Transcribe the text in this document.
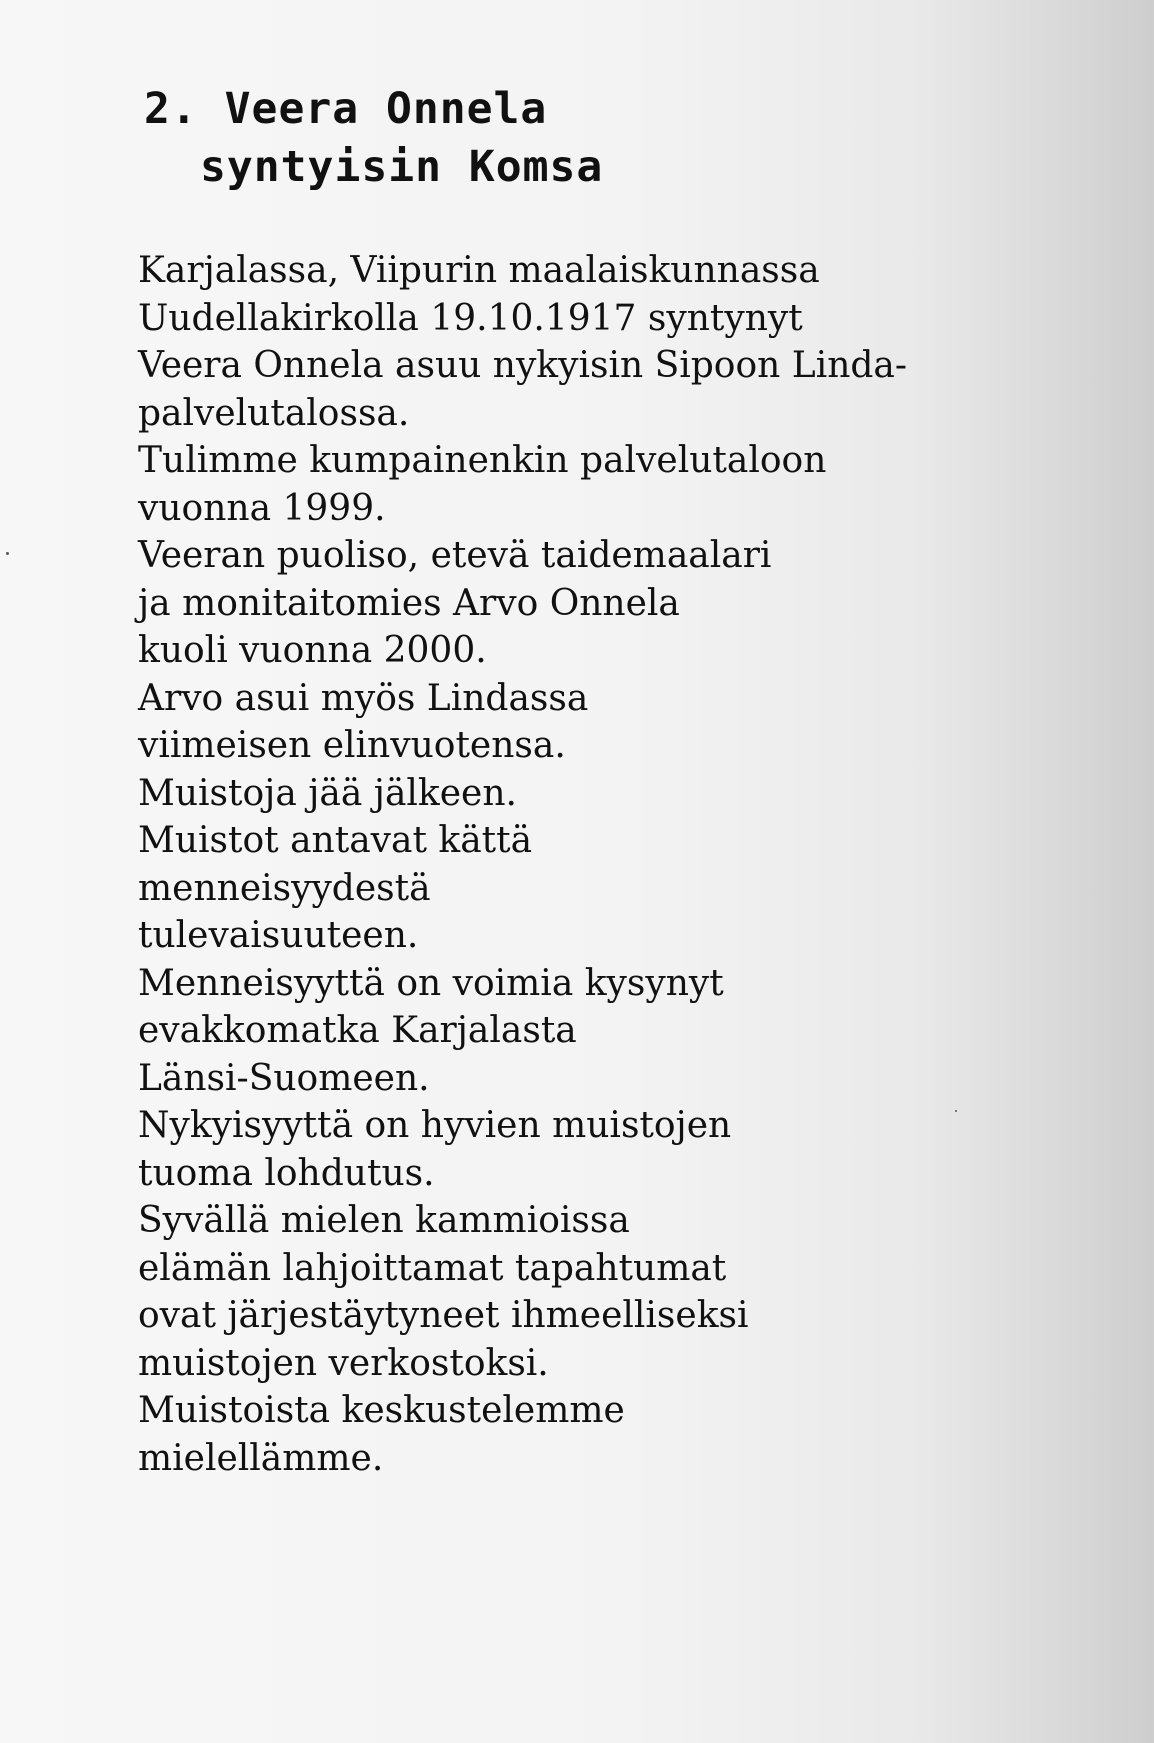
2. Veera Onnela
syntyisin Komsa
Karjalassa, Viipurin maalaiskunnassa
Uudellakirkolla 19.10.1917 syntynyt
Veera Onnela asuu nykyisin Sipoon Linda-
palvelutalossa.
Tulimme kumpainenkin palvelutaloon
vuonna 1999.
Veeran puoliso, etevä taidemaalari
ja monitaitomies Arvo Onnela
kuoli vuonna 2000.
Arvo asui myös Lindassa
viimeisen elinvuotensa.
Muistoja jää jälkeen.
Muistot antavat kättä
menneisyydestä
tulevaisuuteen.
Menneisyyttä on voimia kysynyt
evakkomatka Karjalasta
Länsi-Suomeen.
Nykyisyyttä on hyvien muistojen
tuoma lohdutus.
Syvällä mielen kammioissa
elämän lahjoittamat tapahtumat
ovat järjestäytyneet ihmeelliseksi
muistojen verkostoksi.
Muistoista keskustelemme
mielellämme.
